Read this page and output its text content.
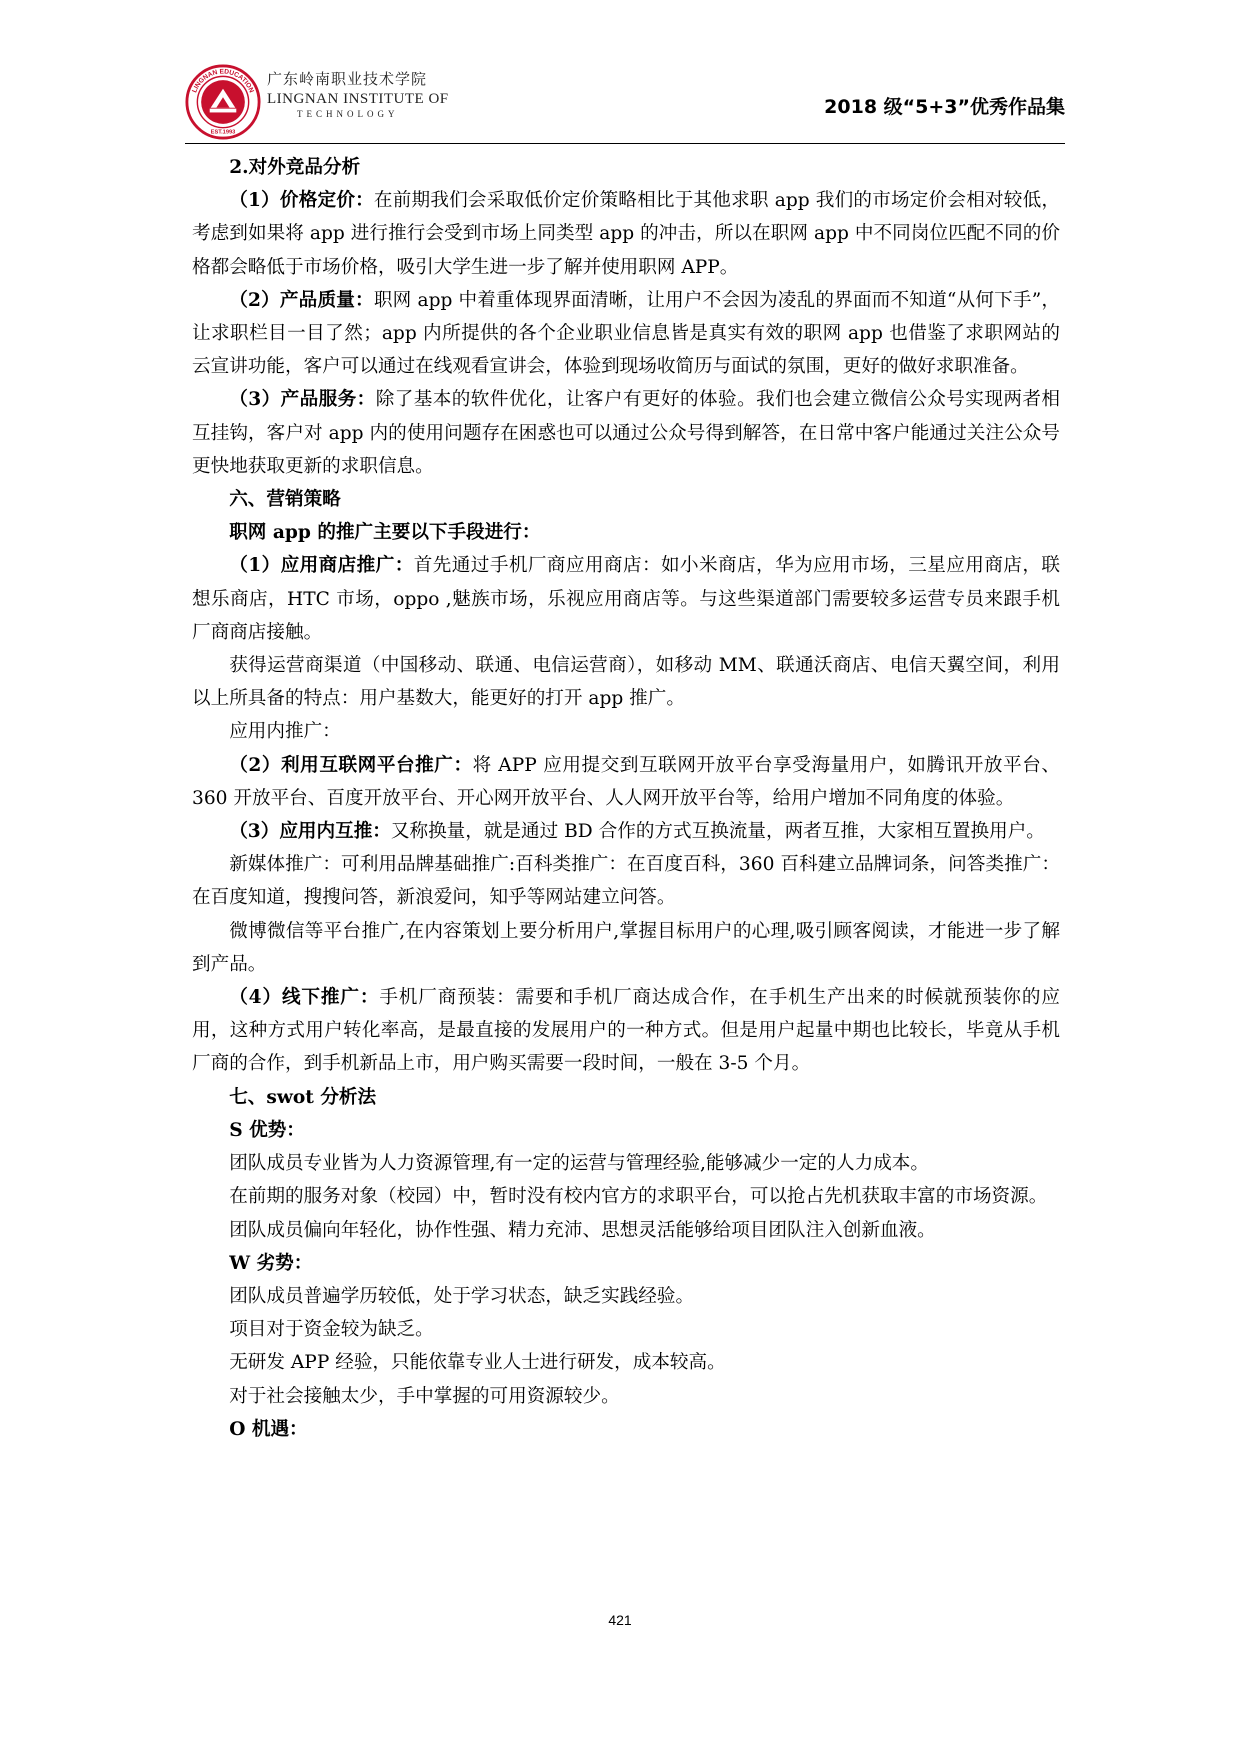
LINGNAN EDUCATION
EST.1993
广东岭南职业技术学院
LINGNAN INSTITUTE OF
TECHNOLOGY	2018 级“5+3”优秀作品集

2.对外竞品分析

（1）价格定价：在前期我们会采取低价定价策略相比于其他求职 app 我们的市场定价会相对较低，考虑到如果将 app 进行推行会受到市场上同类型 app 的冲击，所以在职网 app 中不同岗位匹配不同的价格都会略低于市场价格，吸引大学生进一步了解并使用职网 APP。

（2）产品质量：职网 app 中着重体现界面清晰，让用户不会因为凌乱的界面而不知道“从何下手”，让求职栏目一目了然；app 内所提供的各个企业职业信息皆是真实有效的职网 app 也借鉴了求职网站的云宣讲功能，客户可以通过在线观看宣讲会，体验到现场收简历与面试的氛围，更好的做好求职准备。

（3）产品服务：除了基本的软件优化，让客户有更好的体验。我们也会建立微信公众号实现两者相互挂钩，客户对 app 内的使用问题存在困惑也可以通过公众号得到解答，在日常中客户能通过关注公众号更快地获取更新的求职信息。

六、营销策略

职网 app 的推广主要以下手段进行：

（1）应用商店推广：首先通过手机厂商应用商店：如小米商店，华为应用市场，三星应用商店，联想乐商店，HTC 市场，oppo ,魅族市场，乐视应用商店等。与这些渠道部门需要较多运营专员来跟手机厂商商店接触。

获得运营商渠道（中国移动、联通、电信运营商），如移动 MM、联通沃商店、电信天翼空间，利用以上所具备的特点：用户基数大，能更好的打开 app 推广。

应用内推广：

（2）利用互联网平台推广：将 APP 应用提交到互联网开放平台享受海量用户，如腾讯开放平台、360 开放平台、百度开放平台、开心网开放平台、人人网开放平台等，给用户增加不同角度的体验。

（3）应用内互推：又称换量，就是通过 BD 合作的方式互换流量，两者互推，大家相互置换用户。

新媒体推广：可利用品牌基础推广:百科类推广：在百度百科，360 百科建立品牌词条，问答类推广：在百度知道，搜搜问答，新浪爱问，知乎等网站建立问答。

微博微信等平台推广,在内容策划上要分析用户,掌握目标用户的心理,吸引顾客阅读，才能进一步了解到产品。

（4）线下推广：手机厂商预装：需要和手机厂商达成合作，在手机生产出来的时候就预装你的应用，这种方式用户转化率高，是最直接的发展用户的一种方式。但是用户起量中期也比较长，毕竟从手机厂商的合作，到手机新品上市，用户购买需要一段时间，一般在 3-5 个月。

七、swot 分析法

S 优势：

团队成员专业皆为人力资源管理,有一定的运营与管理经验,能够减少一定的人力成本。

在前期的服务对象（校园）中，暂时没有校内官方的求职平台，可以抢占先机获取丰富的市场资源。

团队成员偏向年轻化，协作性强、精力充沛、思想灵活能够给项目团队注入创新血液。

W 劣势：

团队成员普遍学历较低，处于学习状态，缺乏实践经验。

项目对于资金较为缺乏。

无研发 APP 经验，只能依靠专业人士进行研发，成本较高。

对于社会接触太少，手中掌握的可用资源较少。

O 机遇：

421
